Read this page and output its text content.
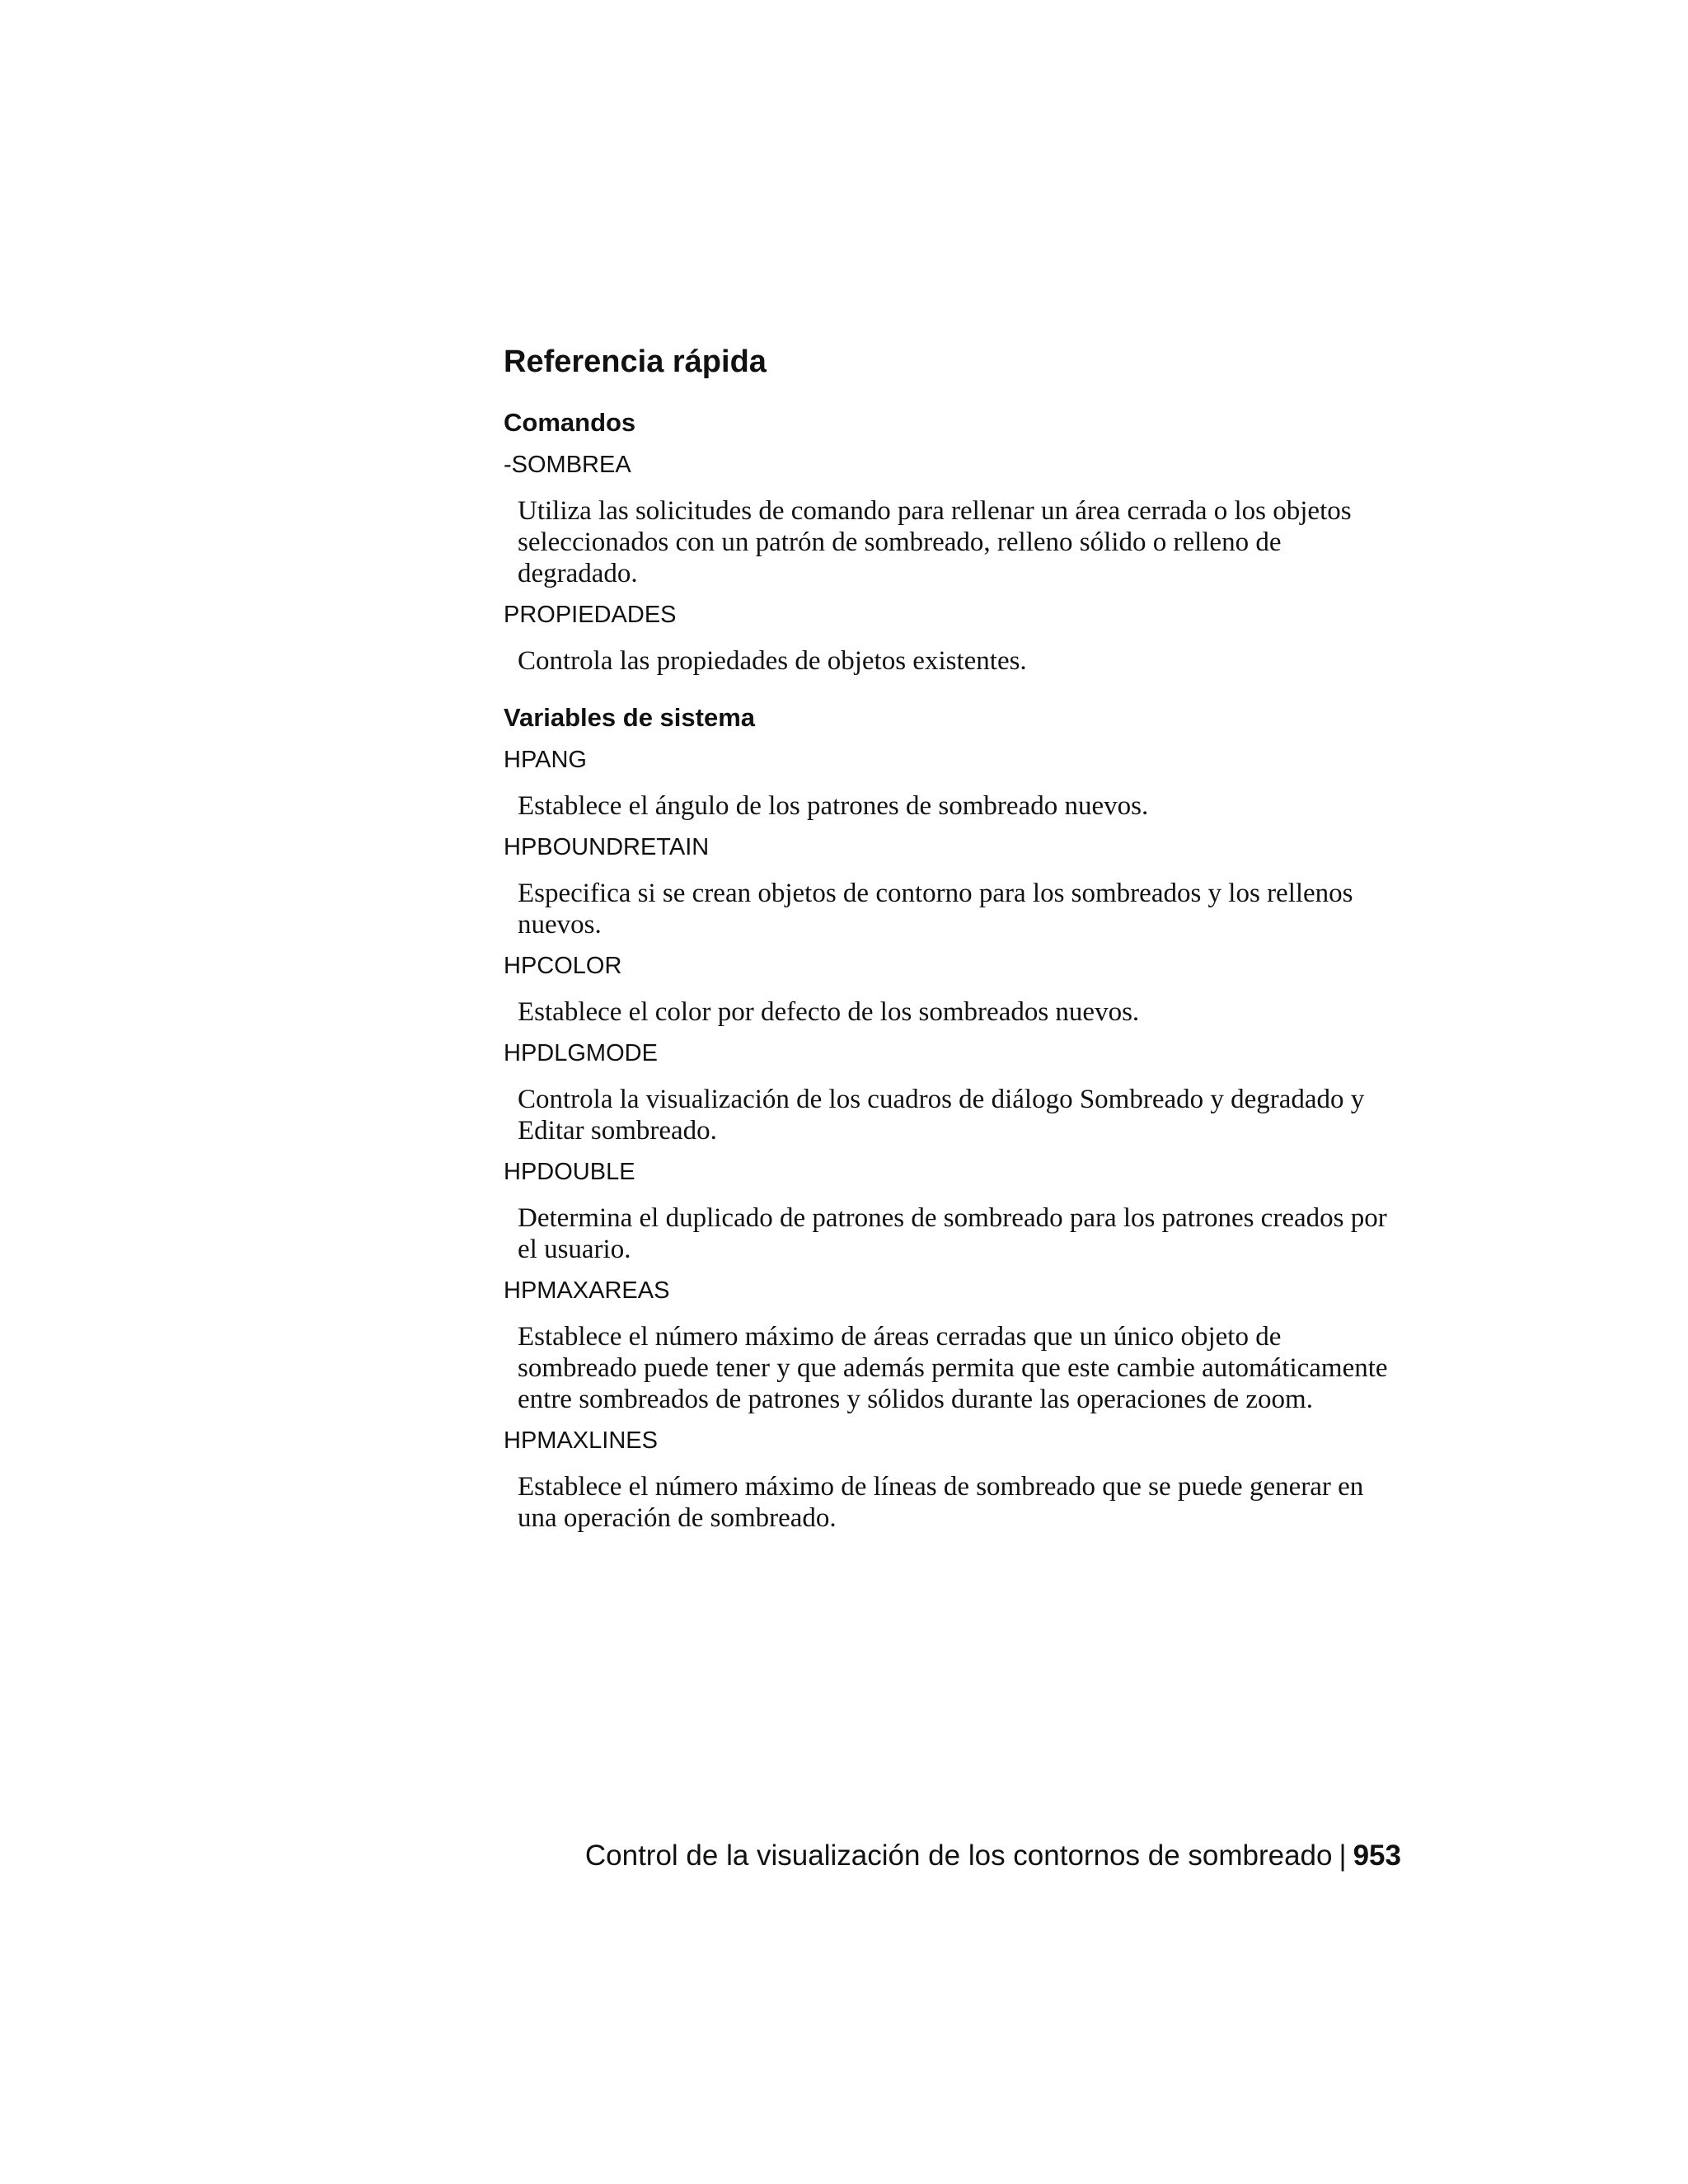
Referencia rápida
Comandos
-SOMBREA

Utiliza las solicitudes de comando para rellenar un área cerrada o los objetos seleccionados con un patrón de sombreado, relleno sólido o relleno de degradado.

PROPIEDADES

Controla las propiedades de objetos existentes.

Variables de sistema
HPANG

Establece el ángulo de los patrones de sombreado nuevos.

HPBOUNDRETAIN

Especifica si se crean objetos de contorno para los sombreados y los rellenos nuevos.

HPCOLOR

Establece el color por defecto de los sombreados nuevos.

HPDLGMODE

Controla la visualización de los cuadros de diálogo Sombreado y degradado y Editar sombreado.

HPDOUBLE

Determina el duplicado de patrones de sombreado para los patrones creados por el usuario.

HPMAXAREAS

Establece el número máximo de áreas cerradas que un único objeto de sombreado puede tener y que además permita que este cambie automáticamente entre sombreados de patrones y sólidos durante las operaciones de zoom.

HPMAXLINES

Establece el número máximo de líneas de sombreado que se puede generar en una operación de sombreado.

Control de la visualización de los contornos de sombreado | 953
